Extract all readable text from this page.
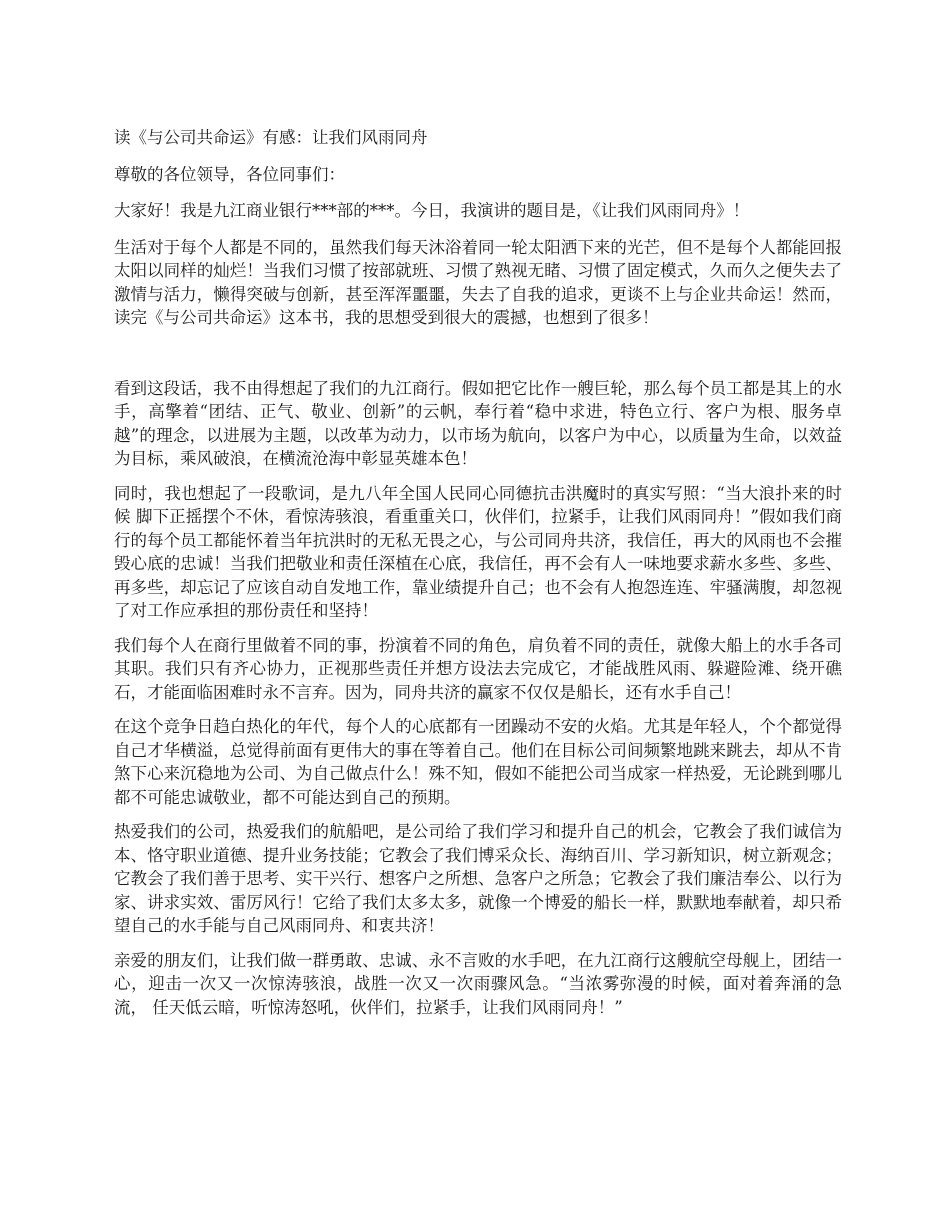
读《与公司共命运》有感：让我们风雨同舟

尊敬的各位领导，各位同事们：

大家好！我是九江商业银行***部的***。今日，我演讲的题目是，《让我们风雨同舟》！

生活对于每个人都是不同的，虽然我们每天沐浴着同一轮太阳洒下来的光芒，但不是每个人都能回报太阳以同样的灿烂！当我们习惯了按部就班、习惯了熟视无睹、习惯了固定模式，久而久之便失去了激情与活力，懒得突破与创新，甚至浑浑噩噩，失去了自我的追求，更谈不上与企业共命运！然而，读完《与公司共命运》这本书，我的思想受到很大的震撼，也想到了很多！

看到这段话，我不由得想起了我们的九江商行。假如把它比作一艘巨轮，那么每个员工都是其上的水手，高擎着“团结、正气、敬业、创新”的云帆，奉行着“稳中求进，特色立行、客户为根、服务卓越”的理念，以进展为主题，以改革为动力，以市场为航向，以客户为中心，以质量为生命，以效益为目标，乘风破浪，在横流沧海中彰显英雄本色！

同时，我也想起了一段歌词，是九八年全国人民同心同德抗击洪魔时的真实写照：“当大浪扑来的时候 脚下正摇摆个不休，看惊涛骇浪，看重重关口，伙伴们，拉紧手，让我们风雨同舟！”假如我们商行的每个员工都能怀着当年抗洪时的无私无畏之心，与公司同舟共济，我信任，再大的风雨也不会摧毁心底的忠诚！当我们把敬业和责任深植在心底，我信任，再不会有人一味地要求薪水多些、多些、再多些，却忘记了应该自动自发地工作，靠业绩提升自己；也不会有人抱怨连连、牢骚满腹，却忽视了对工作应承担的那份责任和坚持！

我们每个人在商行里做着不同的事，扮演着不同的角色，肩负着不同的责任，就像大船上的水手各司其职。我们只有齐心协力，正视那些责任并想方设法去完成它，才能战胜风雨、躲避险滩、绕开礁石，才能面临困难时永不言弃。因为，同舟共济的赢家不仅仅是船长，还有水手自己！

在这个竞争日趋白热化的年代，每个人的心底都有一团躁动不安的火焰。尤其是年轻人，个个都觉得自己才华横溢，总觉得前面有更伟大的事在等着自己。他们在目标公司间频繁地跳来跳去，却从不肯煞下心来沉稳地为公司、为自己做点什么！殊不知，假如不能把公司当成家一样热爱，无论跳到哪儿都不可能忠诚敬业，都不可能达到自己的预期。

热爱我们的公司，热爱我们的航船吧，是公司给了我们学习和提升自己的机会，它教会了我们诚信为本、恪守职业道德、提升业务技能；它教会了我们博采众长、海纳百川、学习新知识，树立新观念；它教会了我们善于思考、实干兴行、想客户之所想、急客户之所急；它教会了我们廉洁奉公、以行为家、讲求实效、雷厉风行！它给了我们太多太多，就像一个博爱的船长一样，默默地奉献着，却只希望自己的水手能与自己风雨同舟、和衷共济！

亲爱的朋友们，让我们做一群勇敢、忠诚、永不言败的水手吧，在九江商行这艘航空母舰上，团结一心，迎击一次又一次惊涛骇浪，战胜一次又一次雨骤风急。“当浓雾弥漫的时候，面对着奔涌的急流， 任天低云暗，听惊涛怒吼，伙伴们，拉紧手，让我们风雨同舟！”
